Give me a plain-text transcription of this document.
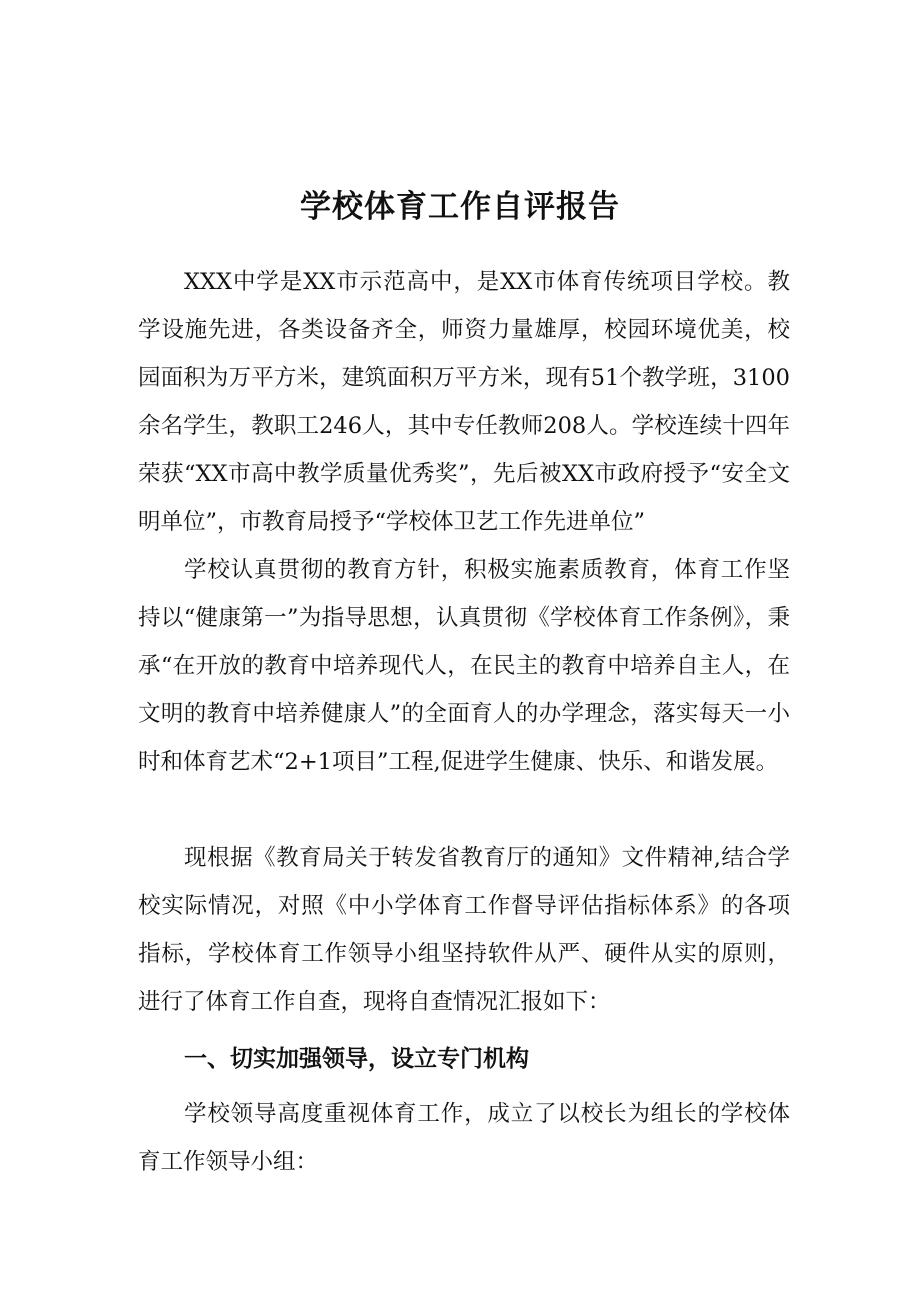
学校体育工作自评报告

XXX中学是XX市示范高中，是XX市体育传统项目学校。教学设施先进，各类设备齐全，师资力量雄厚，校园环境优美，校园面积为万平方米，建筑面积万平方米，现有51个教学班，3100余名学生，教职工246人，其中专任教师208人。学校连续十四年荣获“XX市高中教学质量优秀奖”，先后被XX市政府授予“安全文明单位”，市教育局授予“学校体卫艺工作先进单位”

学校认真贯彻的教育方针，积极实施素质教育，体育工作坚持以“健康第一”为指导思想，认真贯彻《学校体育工作条例》，秉承“在开放的教育中培养现代人，在民主的教育中培养自主人，在文明的教育中培养健康人”的全面育人的办学理念，落实每天一小时和体育艺术“2+1项目”工程,促进学生健康、快乐、和谐发展。

现根据《教育局关于转发省教育厅的通知》文件精神,结合学校实际情况，对照《中小学体育工作督导评估指标体系》的各项指标，学校体育工作领导小组坚持软件从严、硬件从实的原则，进行了体育工作自查，现将自查情况汇报如下：

一、切实加强领导，设立专门机构

学校领导高度重视体育工作，成立了以校长为组长的学校体育工作领导小组：
